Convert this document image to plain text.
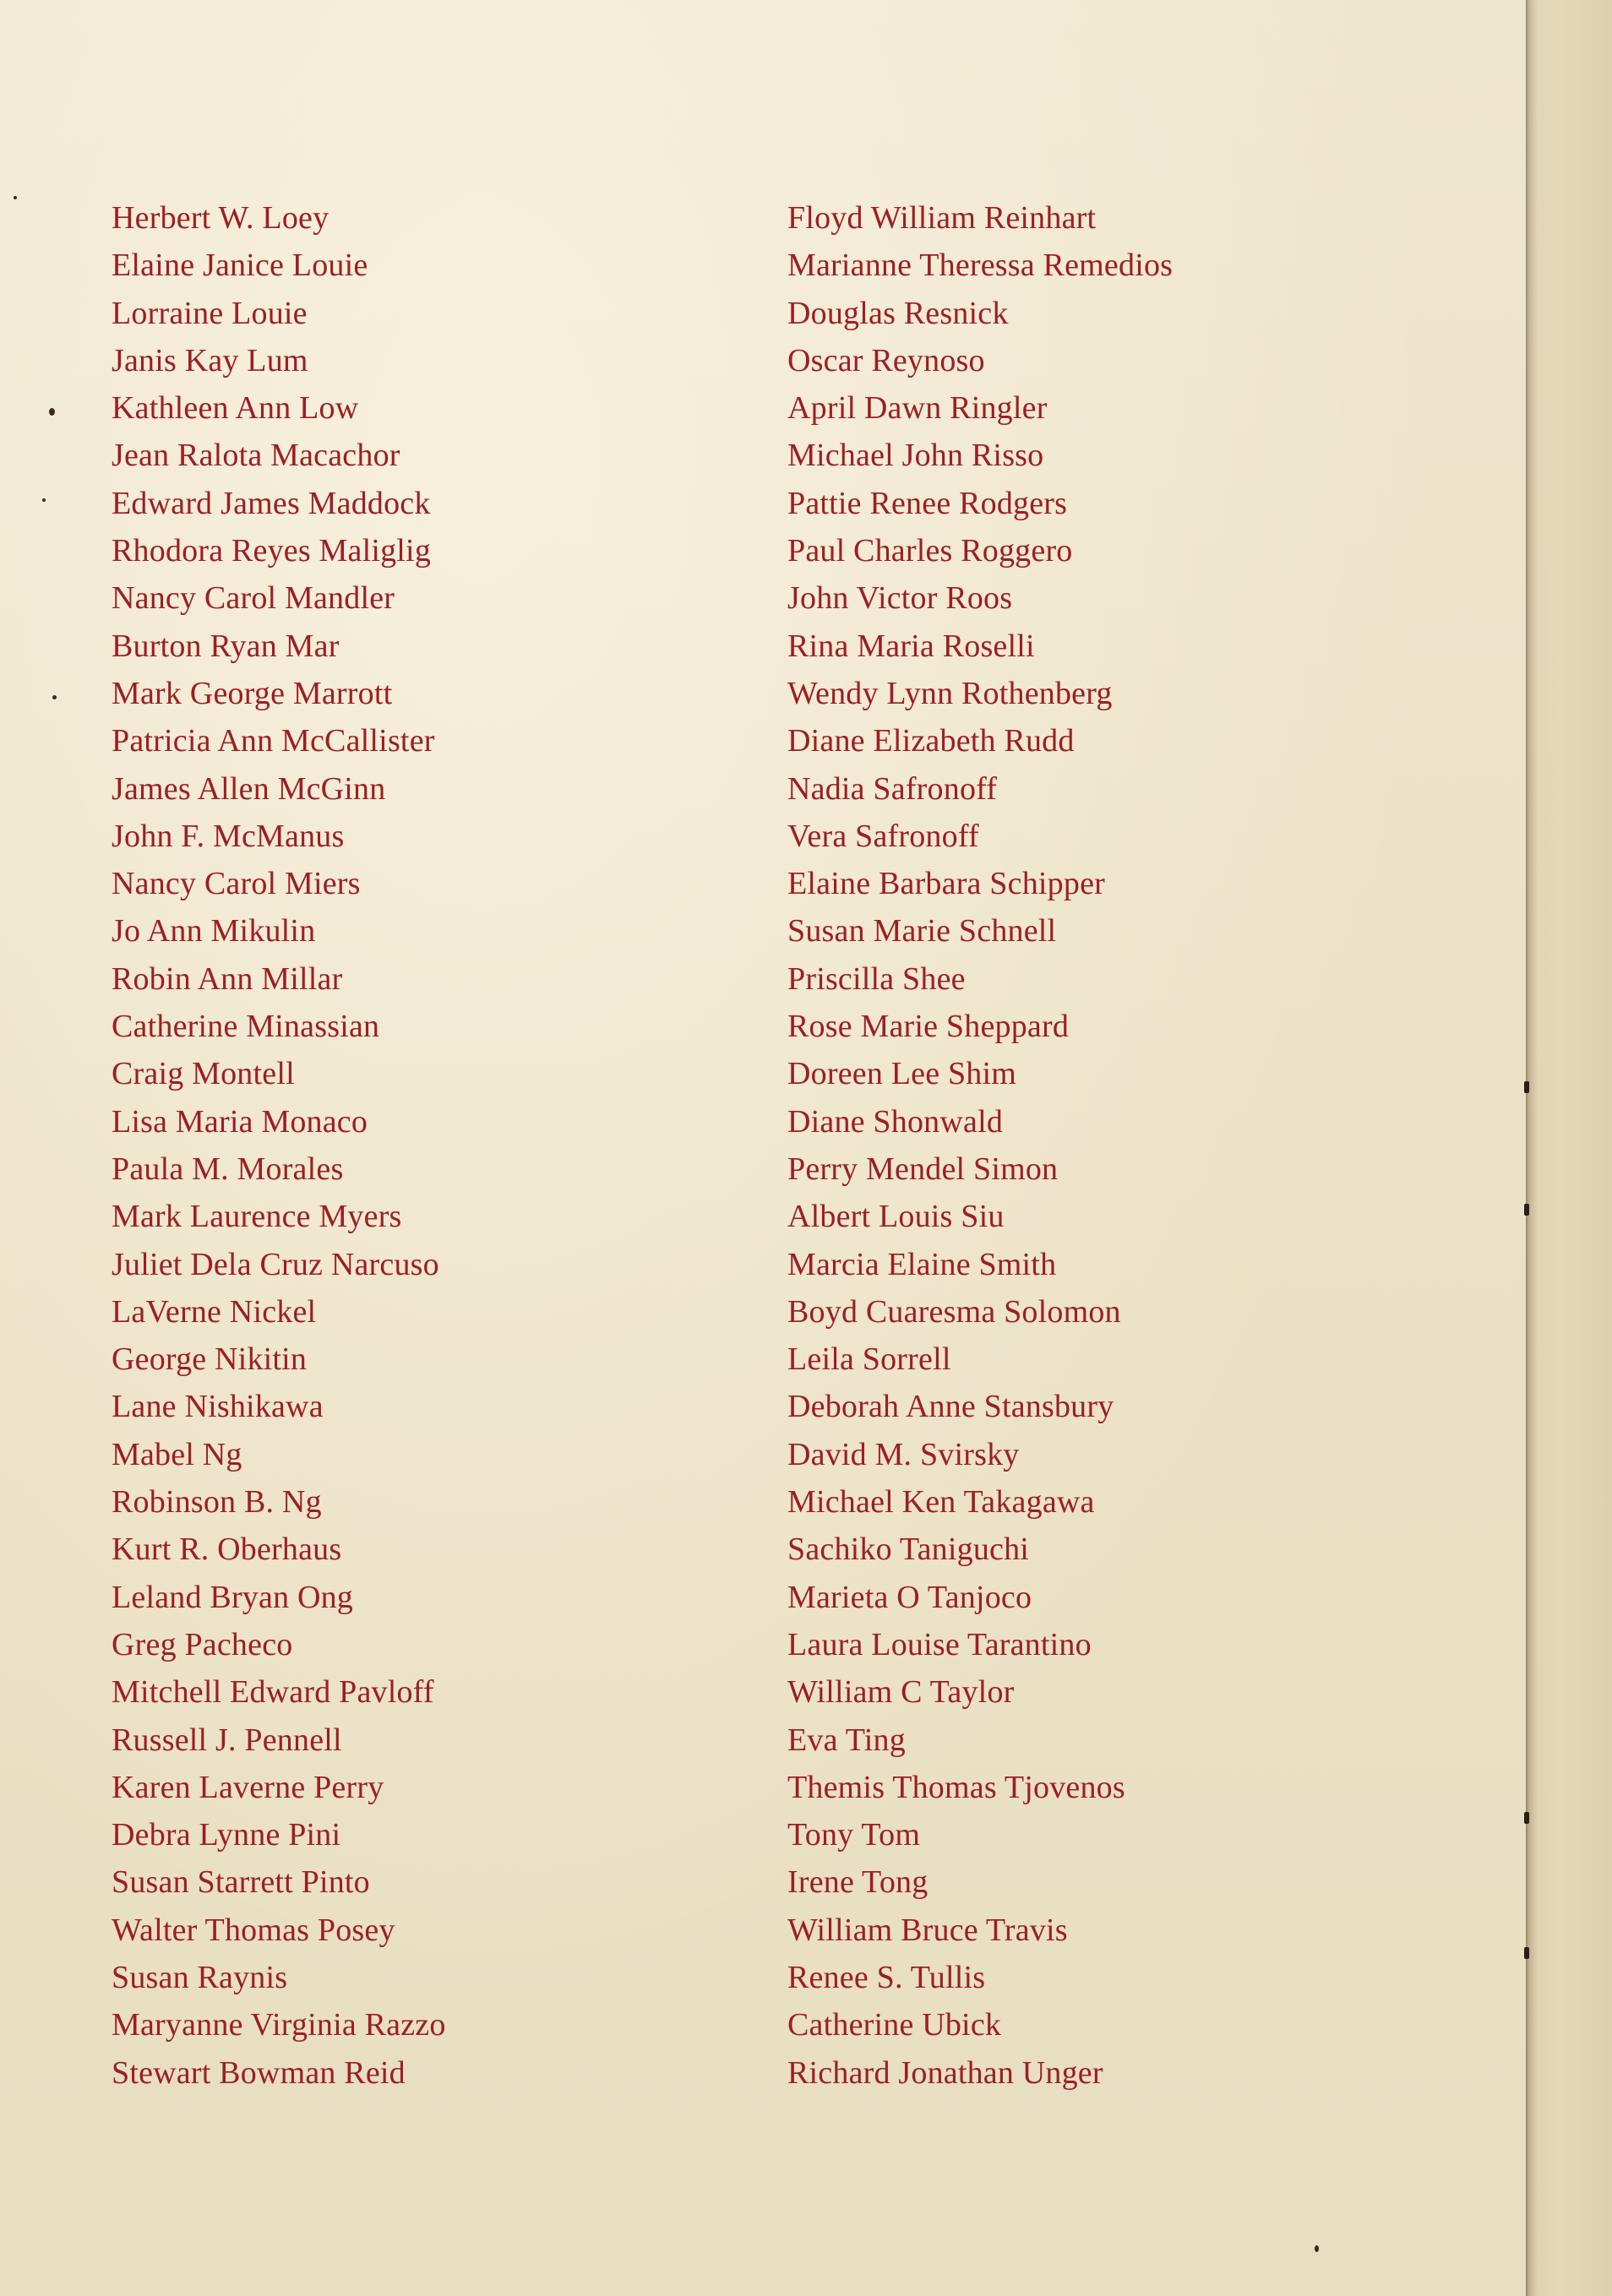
Herbert W. Loey
Elaine Janice Louie
Lorraine Louie
Janis Kay Lum
Kathleen Ann Low
Jean Ralota Macachor
Edward James Maddock
Rhodora Reyes Maliglig
Nancy Carol Mandler
Burton Ryan Mar
Mark George Marrott
Patricia Ann McCallister
James Allen McGinn
John F. McManus
Nancy Carol Miers
Jo Ann Mikulin
Robin Ann Millar
Catherine Minassian
Craig Montell
Lisa Maria Monaco
Paula M. Morales
Mark Laurence Myers
Juliet Dela Cruz Narcuso
LaVerne Nickel
George Nikitin
Lane Nishikawa
Mabel Ng
Robinson B. Ng
Kurt R. Oberhaus
Leland Bryan Ong
Greg Pacheco
Mitchell Edward Pavloff
Russell J. Pennell
Karen Laverne Perry
Debra Lynne Pini
Susan Starrett Pinto
Walter Thomas Posey
Susan Raynis
Maryanne Virginia Razzo
Stewart Bowman Reid
Floyd William Reinhart
Marianne Theressa Remedios
Douglas Resnick
Oscar Reynoso
April Dawn Ringler
Michael John Risso
Pattie Renee Rodgers
Paul Charles Roggero
John Victor Roos
Rina Maria Roselli
Wendy Lynn Rothenberg
Diane Elizabeth Rudd
Nadia Safronoff
Vera Safronoff
Elaine Barbara Schipper
Susan Marie Schnell
Priscilla Shee
Rose Marie Sheppard
Doreen Lee Shim
Diane Shonwald
Perry Mendel Simon
Albert Louis Siu
Marcia Elaine Smith
Boyd Cuaresma Solomon
Leila Sorrell
Deborah Anne Stansbury
David M. Svirsky
Michael Ken Takagawa
Sachiko Taniguchi
Marieta O Tanjoco
Laura Louise Tarantino
William C Taylor
Eva Ting
Themis Thomas Tjovenos
Tony Tom
Irene Tong
William Bruce Travis
Renee S. Tullis
Catherine Ubick
Richard Jonathan Unger
